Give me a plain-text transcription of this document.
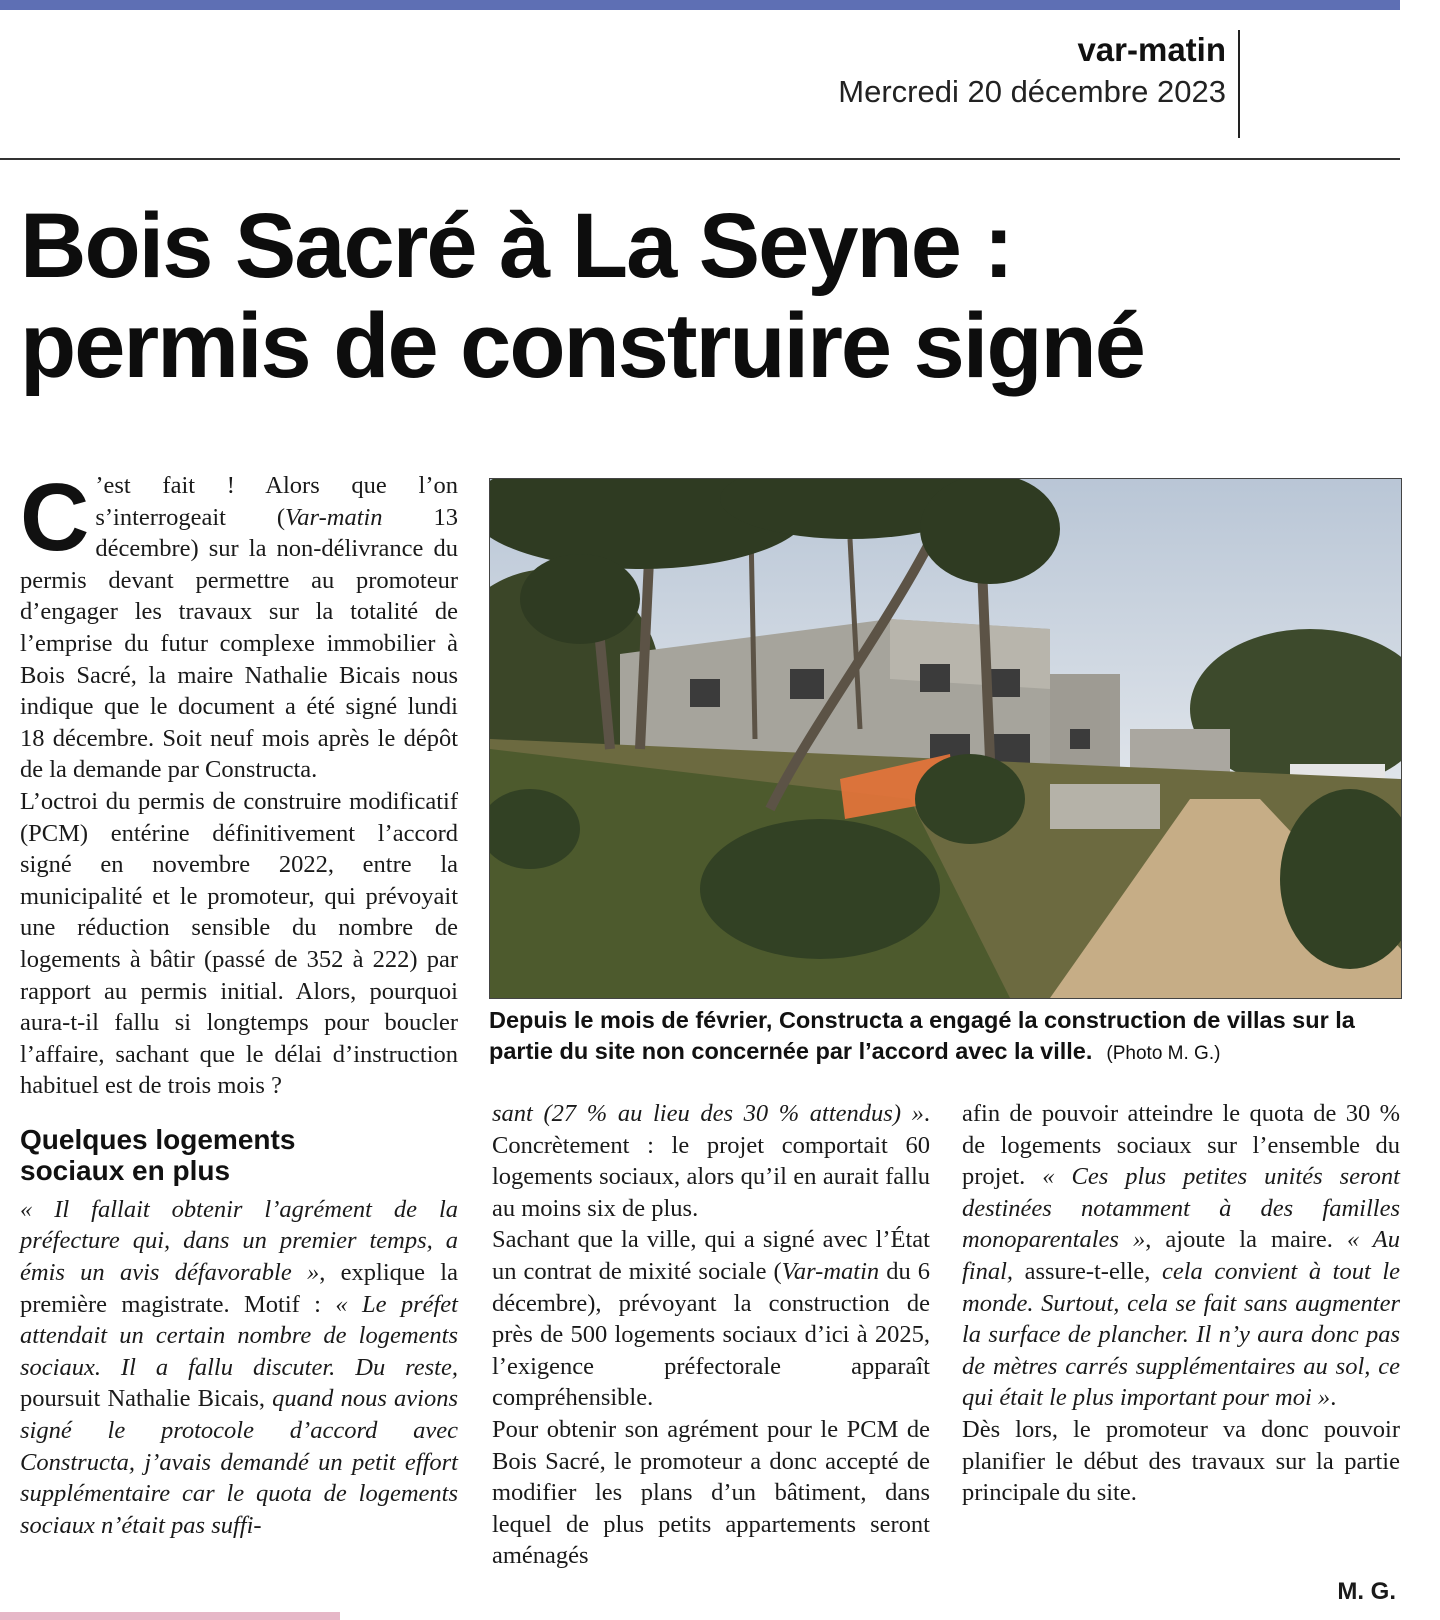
var-matin
Mercredi 20 décembre 2023
Bois Sacré à La Seyne :
permis de construire signé

C ’est fait ! Alors que l’on s’interrogeait (Var-matin 13 décembre) sur la non-délivrance du permis devant permettre au promoteur d’engager les travaux sur la totalité de l’emprise du futur complexe immobilier à Bois Sacré, la maire Nathalie Bicais nous indique que le document a été signé lundi 18 décembre. Soit neuf mois après le dépôt de la demande par Constructa.

L’octroi du permis de construire modificatif (PCM) entérine définitivement l’accord signé en novembre 2022, entre la municipalité et le promoteur, qui prévoyait une réduction sensible du nombre de logements à bâtir (passé de 352 à 222) par rapport au permis initial. Alors, pourquoi aura-t-il fallu si longtemps pour boucler l’affaire, sachant que le délai d’instruction habituel est de trois mois ?

Quelques logements
sociaux en plus

« Il fallait obtenir l’agrément de la préfecture qui, dans un premier temps, a émis un avis défavorable », explique la première magistrate. Motif : « Le préfet attendait un certain nombre de logements sociaux. Il a fallu discuter. Du reste, poursuit Nathalie Bicais, quand nous avions signé le protocole d’accord avec Constructa, j’avais demandé un petit effort supplémentaire car le quota de logements sociaux n’était pas suffi-

Depuis le mois de février, Constructa a engagé la construction de villas sur la partie du site non concernée par l’accord avec la ville. (Photo M. G.)

sant (27 % au lieu des 30 % attendus) ». Concrètement : le projet comportait 60 logements sociaux, alors qu’il en aurait fallu au moins six de plus.

Sachant que la ville, qui a signé avec l’État un contrat de mixité sociale (Var-matin du 6 décembre), prévoyant la construction de près de 500 logements sociaux d’ici à 2025, l’exigence préfectorale apparaît compréhensible.

Pour obtenir son agrément pour le PCM de Bois Sacré, le promoteur a donc accepté de modifier les plans d’un bâtiment, dans lequel de plus petits appartements seront aménagés

afin de pouvoir atteindre le quota de 30 % de logements sociaux sur l’ensemble du projet. « Ces plus petites unités seront destinées notamment à des familles monoparentales », ajoute la maire. « Au final, assure-t-elle, cela convient à tout le monde. Surtout, cela se fait sans augmenter la surface de plancher. Il n’y aura donc pas de mètres carrés supplémentaires au sol, ce qui était le plus important pour moi ».

Dès lors, le promoteur va donc pouvoir planifier le début des travaux sur la partie principale du site.

M. G.
